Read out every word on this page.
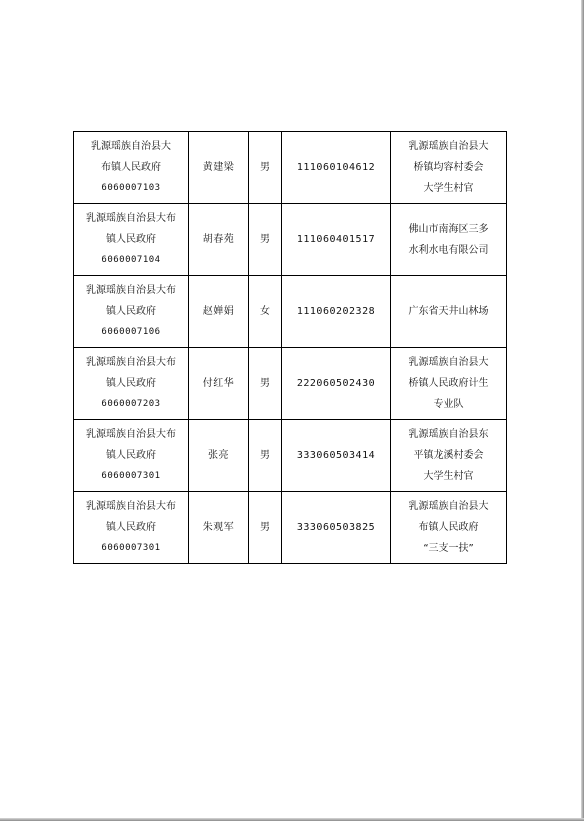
乳源瑶族自治县大
布镇人民政府
6060007103	黄建梁	男	111060104612	乳源瑶族自治县大
桥镇均容村委会
大学生村官

乳源瑶族自治县大布
镇人民政府
6060007104	胡春苑	男	111060401517	佛山市南海区三多
水利水电有限公司

乳源瑶族自治县大布
镇人民政府
6060007106	赵婵娟	女	111060202328	广东省天井山林场

乳源瑶族自治县大布
镇人民政府
6060007203	付红华	男	222060502430	乳源瑶族自治县大
桥镇人民政府计生
专业队

乳源瑶族自治县大布
镇人民政府
6060007301	张亮	男	333060503414	乳源瑶族自治县东
平镇龙溪村委会
大学生村官

乳源瑶族自治县大布
镇人民政府
6060007301	朱观军	男	333060503825	乳源瑶族自治县大
布镇人民政府
“三支一扶”
